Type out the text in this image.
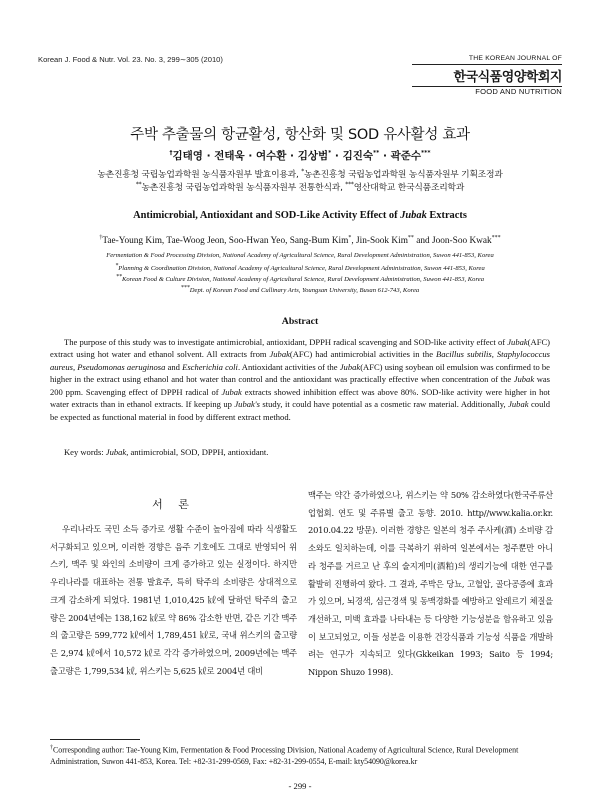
Korean J. Food & Nutr. Vol. 23. No. 3, 299∼305 (2010)	THE KOREAN JOURNAL OF
한국식품영양학회지
FOOD AND NUTRITION
주박 추출물의 항균활성, 항산화 및 SOD 유사활성 효과
†김태영 · 전태욱 · 여수환 · 김상범* · 김진숙** · 곽준수***
농촌진흥청 국립농업과학원 농식품자원부 발효이용과, *농촌진흥청 국립농업과학원 농식품자원부 기획조정과
**농촌진흥청 국립농업과학원 농식품자원부 전통한식과, ***영산대학교 한국식품조리학과
Antimicrobial, Antioxidant and SOD-Like Activity Effect of Jubak Extracts
†Tae-Young Kim, Tae-Woog Jeon, Soo-Hwan Yeo, Sang-Bum Kim*, Jin-Sook Kim** and Joon-Soo Kwak***
Fermentation & Food Processing Division, National Academy of Agricultural Science, Rural Development Administration, Suwon 441-853, Korea
*Planning & Coordination Division, National Academy of Agricultural Science, Rural Development Administration, Suwon 441-853, Korea
**Korean Food & Culture Division, National Academy of Agricultural Science, Rural Development Administration, Suwon 441-853, Korea
***Dept. of Korean Food and Cullinary Arts, Youngsan University, Busan 612-743, Korea
Abstract

The purpose of this study was to investigate antimicrobial, antioxidant, DPPH radical scavenging and SOD-like activity effect of Jubak(AFC) extract using hot water and ethanol solvent. All extracts from Jubak(AFC) had antimicrobial activities in the Bacillus subtilis, Staphylococcus aureus, Pseudomonas aeruginosa and Escherichia coli. Antioxidant activities of the Jubak(AFC) using soybean oil emulsion was confirmed to be higher in the extract using ethanol and hot water than control and the antioxidant was practically effective when concentration of the Jubak was 200 ppm. Scavenging effect of DPPH radical of Jubak extracts showed inhibition effect was above 80%. SOD-like activity were higher in hot water extracts than in ethanol extracts. If keeping up Jubak's study, it could have potential as a cosmetic raw material. Additionally, Jubak could be expected as functional material in food by different extract method.

Key words: Jubak, antimicrobial, SOD, DPPH, antioxidant.
서 론

우리나라도 국민 소득 증가로 생활 수준이 높아짐에 따라 식생활도 서구화되고 있으며, 이러한 경향은 음주 기호에도 그대로 반영되어 위스키, 맥주 및 와인의 소비량이 크게 증가하고 있는 실정이다. 하지만 우리나라를 대표하는 전통 발효주, 특히 탁주의 소비량은 상대적으로 크게 감소하게 되었다. 1981년 1,010,425 ㎘에 달하던 탁주의 출고량은 2004년에는 138,162 ㎘로 약 86% 감소한 반면, 같은 기간 맥주의 출고량은 599,772 ㎘에서 1,789,451 ㎘로, 국내 위스키의 출고량은 2,974 ㎘에서 10,572 ㎘로 각각 증가하였으며, 2009년에는 맥주 출고량은 1,799,534 ㎘, 위스키는 5,625 ㎘로 2004년 대비

맥주는 약간 증가하였으나, 위스키는 약 50% 감소하였다(한국주류산업협회. 연도 및 주류별 출고 동향. 2010. http//www.kalia.or.kr. 2010.04.22 방문). 이러한 경향은 일본의 청주 주사케(酒) 소비량 감소와도 일치하는데, 이를 극복하기 위하여 일본에서는 청주뿐만 아니라 청주를 거르고 난 후의 술지게미(酒粕)의 생리기능에 대한 연구를 활발히 진행하여 왔다. 그 결과, 주박은 당뇨, 고혈압, 골다공증에 효과가 있으며, 뇌경색, 심근경색 및 동맥경화를 예방하고 알레르기 체질을 개선하고, 미백 효과를 나타내는 등 다양한 기능성분을 함유하고 있음이 보고되었고, 이들 성분을 이용한 건강식품과 기능성 식품을 개발하려는 연구가 지속되고 있다(Gkkeikan 1993; Saito 등 1994; Nippon Shuzo 1998).

†Corresponding author: Tae-Young Kim, Fermentation & Food Processing Division, National Academy of Agricultural Science, Rural Development Administration, Suwon 441-853, Korea. Tel: +82-31-299-0569, Fax: +82-31-299-0554, E-mail: kty54090@korea.kr
- 299 -
